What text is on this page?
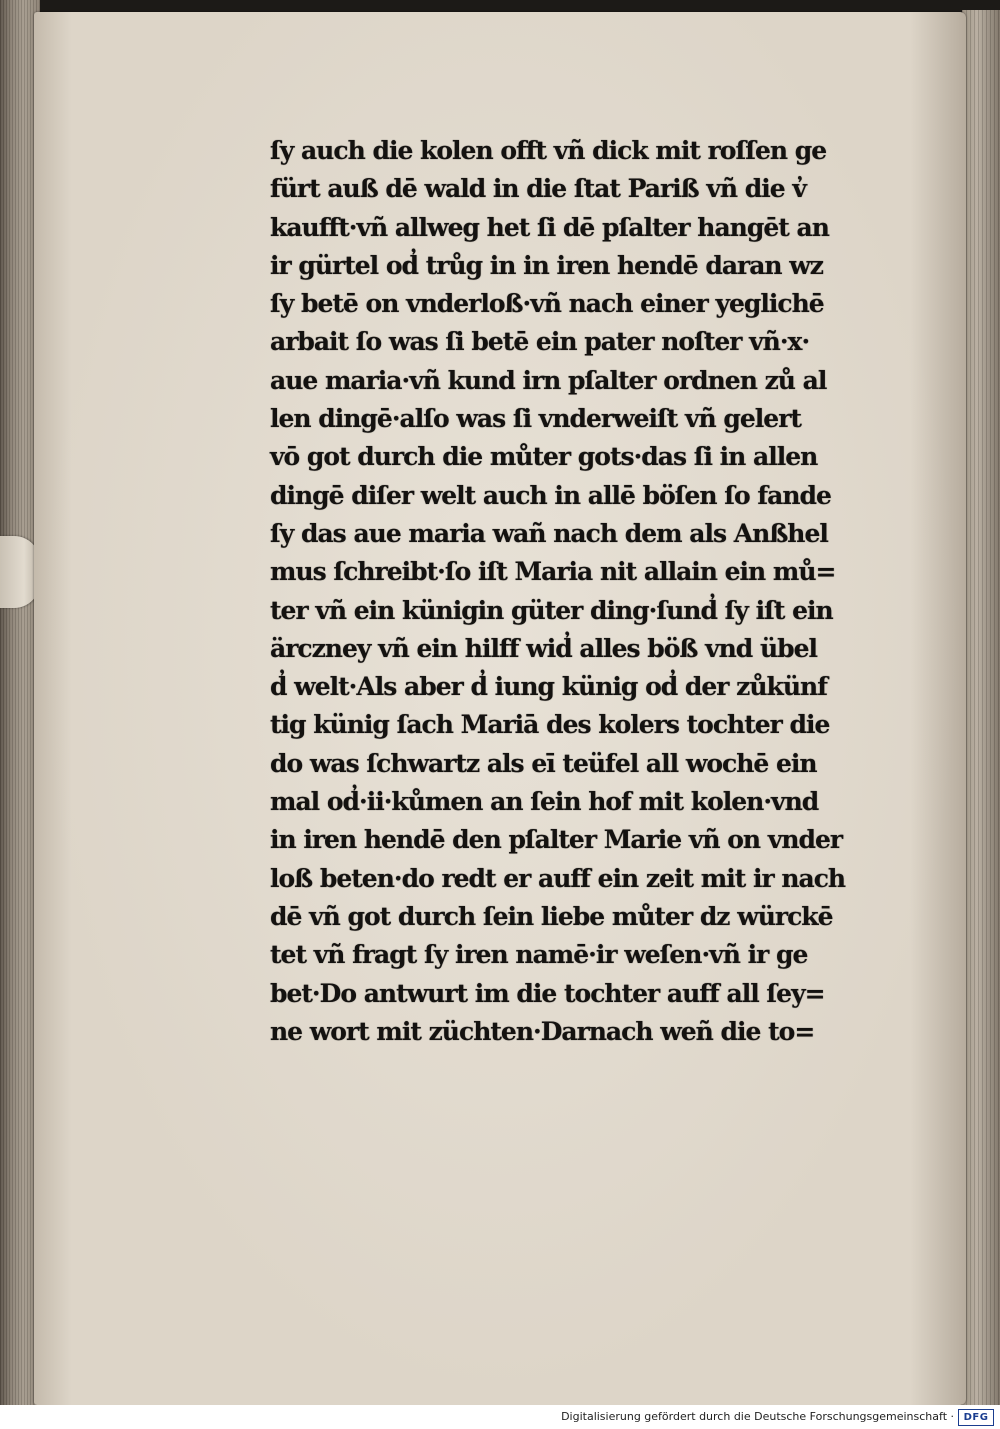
ſy auch die kolen offt vñ dick mit roſſen ge
fürt auß dē wald in die ſtat Pariß vñ die v̓
kaufft·vñ allweg het ſi dē pſalter hangēt an
ir gürtel od̓ trůg in in iren hendē daran wz
ſy betē on vnderloß·vñ nach einer yeglichē
arbait ſo was ſi betē ein pater noſter vñ·x·
aue maria·vñ kund irn pſalter ordnen zů al
len dingē·alſo was ſi vnderweiſt vñ gelert
vō got durch die můter gots·das ſi in allen
dingē diſer welt auch in allē böſen ſo fande
ſy das aue maria wañ nach dem als Anßhel
mus ſchreibt·ſo iſt Maria nit allain ein mů=
ter vñ ein künigin güter ding·ſund̓ ſy iſt ein
ärczney vñ ein hilff wid̓ alles böß vnd übel
d̓ welt·Als aber d̓ iung künig od̓ der zůkünf
tig künig ſach Mariā des kolers tochter die
do was ſchwartz als eī teüfel all wochē ein
mal od̓·ii·kůmen an ſein hof mit kolen·vnd
in iren hendē den pſalter Marie vñ on vnder
loß beten·do redt er auff ein zeit mit ir nach
dē vñ got durch ſein liebe můter dz würckē
tet vñ fragt ſy iren namē·ir weſen·vñ ir ge
bet·Do antwurt im die tochter auff all ſey=
ne wort mit züchten·Darnach weñ die to=
Digitalisierung gefördert durch die Deutsche Forschungsgemeinschaft · DFG
